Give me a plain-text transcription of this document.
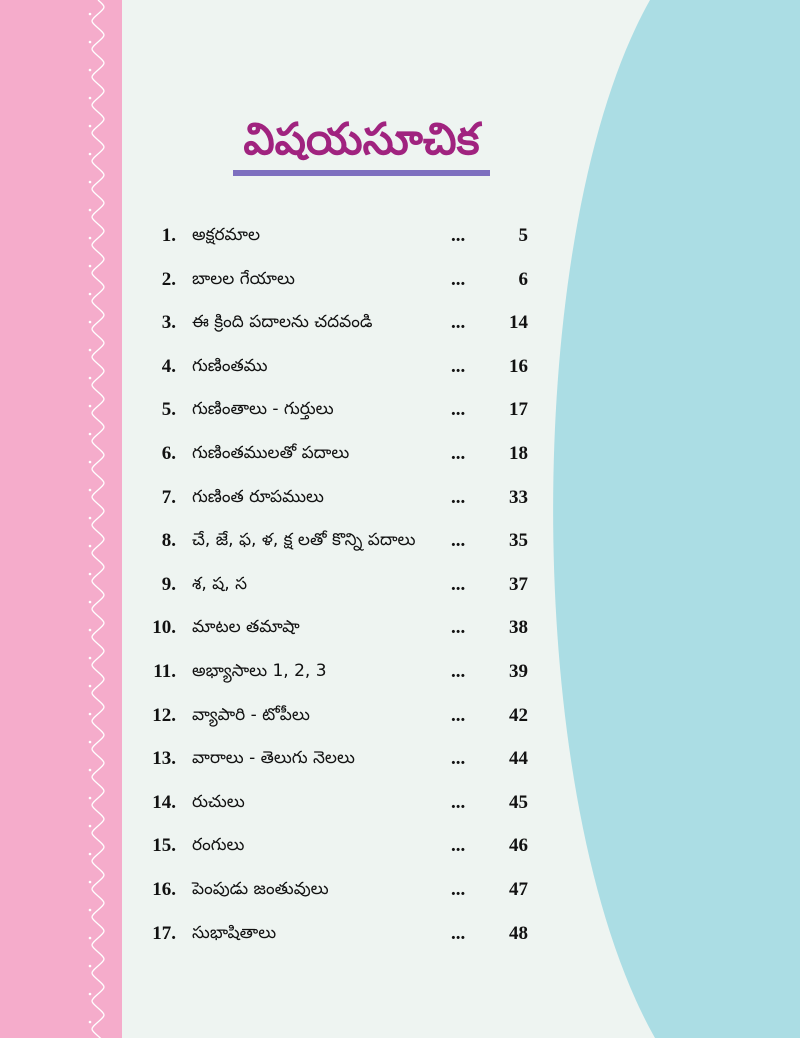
విషయసూచిక
1. అక్షరమాల	...	5
2. బాలల గేయాలు	...	6
3. ఈ క్రింది పదాలను చదవండి	... 14
4. గుణింతము	... 16
5. గుణింతాలు - గుర్తులు	... 17
6. గుణింతములతో పదాలు	... 18
7. గుణింత రూపములు	... 33
8. చే, జే, ఫ, ళ, క్ష లతో కొన్ని పదాలు ... 35
9. శ, ష, స	... 37
10. మాటల తమాషా	... 38
11. అభ్యాసాలు 1, 2, 3	... 39
12. వ్యాపారి - టోపీలు	... 42
13. వారాలు - తెలుగు నెలలు	... 44
14. రుచులు	... 45
15. రంగులు	... 46
16. పెంపుడు జంతువులు	... 47
17. సుభాషితాలు	... 48
